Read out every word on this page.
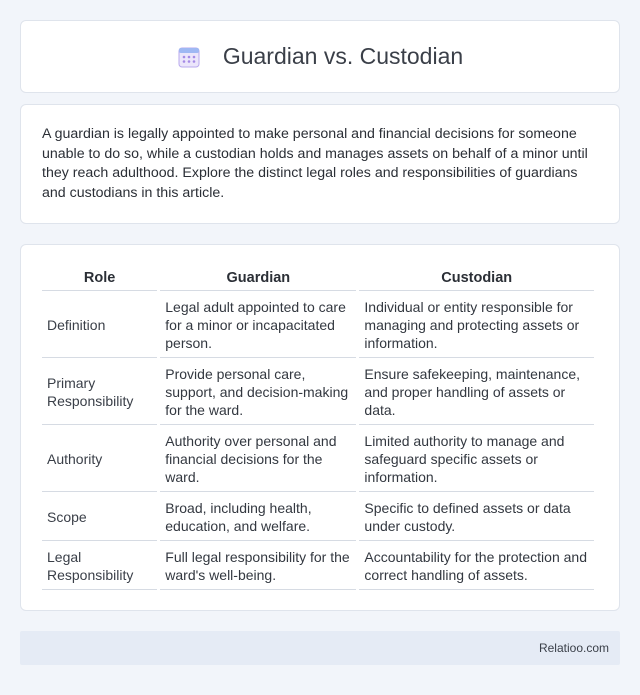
Guardian vs. Custodian

A guardian is legally appointed to make personal and financial decisions for someone unable to do so, while a custodian holds and manages assets on behalf of a minor until they reach adulthood. Explore the distinct legal roles and responsibilities of guardians and custodians in this article.

Role	Guardian	Custodian
Definition	Legal adult appointed to care for a minor or incapacitated person.	Individual or entity responsible for managing and protecting assets or information.
Primary Responsibility	Provide personal care, support, and decision-making for the ward.	Ensure safekeeping, maintenance, and proper handling of assets or data.
Authority	Authority over personal and financial decisions for the ward.	Limited authority to manage and safeguard specific assets or information.
Scope	Broad, including health, education, and welfare.	Specific to defined assets or data under custody.
Legal Responsibility	Full legal responsibility for the ward's well-being.	Accountability for the protection and correct handling of assets.
Relatioo.com
